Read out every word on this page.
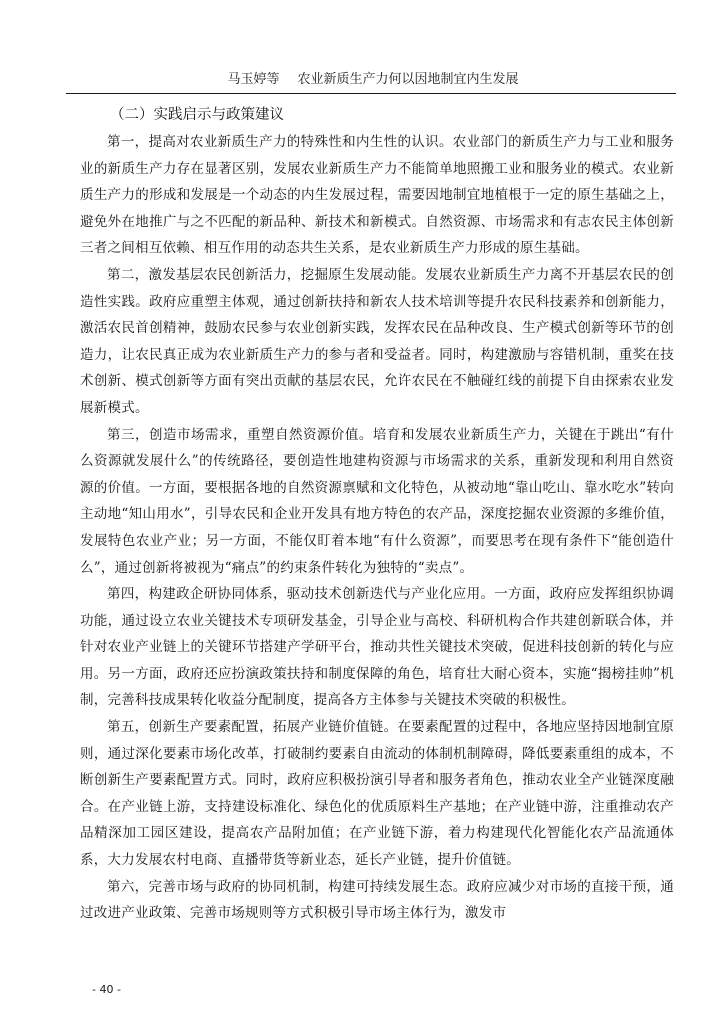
马玉婷等 农业新质生产力何以因地制宜内生发展
（二）实践启示与政策建议

第一，提高对农业新质生产力的特殊性和内生性的认识。农业部门的新质生产力与工业和服务业的新质生产力存在显著区别，发展农业新质生产力不能简单地照搬工业和服务业的模式。农业新质生产力的形成和发展是一个动态的内生发展过程，需要因地制宜地植根于一定的原生基础之上，避免外在地推广与之不匹配的新品种、新技术和新模式。自然资源、市场需求和有志农民主体创新三者之间相互依赖、相互作用的动态共生关系，是农业新质生产力形成的原生基础。

第二，激发基层农民创新活力，挖掘原生发展动能。发展农业新质生产力离不开基层农民的创造性实践。政府应重塑主体观，通过创新扶持和新农人技术培训等提升农民科技素养和创新能力，激活农民首创精神，鼓励农民参与农业创新实践，发挥农民在品种改良、生产模式创新等环节的创造力，让农民真正成为农业新质生产力的参与者和受益者。同时，构建激励与容错机制，重奖在技术创新、模式创新等方面有突出贡献的基层农民，允许农民在不触碰红线的前提下自由探索农业发展新模式。

第三，创造市场需求，重塑自然资源价值。培育和发展农业新质生产力，关键在于跳出“有什么资源就发展什么”的传统路径，要创造性地建构资源与市场需求的关系，重新发现和利用自然资源的价值。一方面，要根据各地的自然资源禀赋和文化特色，从被动地“靠山吃山、靠水吃水”转向主动地“知山用水”，引导农民和企业开发具有地方特色的农产品，深度挖掘农业资源的多维价值，发展特色农业产业；另一方面，不能仅盯着本地“有什么资源”，而要思考在现有条件下“能创造什么”，通过创新将被视为“痛点”的约束条件转化为独特的“卖点”。

第四，构建政企研协同体系，驱动技术创新迭代与产业化应用。一方面，政府应发挥组织协调功能，通过设立农业关键技术专项研发基金，引导企业与高校、科研机构合作共建创新联合体，并针对农业产业链上的关键环节搭建产学研平台，推动共性关键技术突破，促进科技创新的转化与应用。另一方面，政府还应扮演政策扶持和制度保障的角色，培育壮大耐心资本，实施“揭榜挂帅”机制，完善科技成果转化收益分配制度，提高各方主体参与关键技术突破的积极性。

第五，创新生产要素配置，拓展产业链价值链。在要素配置的过程中，各地应坚持因地制宜原则，通过深化要素市场化改革，打破制约要素自由流动的体制机制障碍，降低要素重组的成本，不断创新生产要素配置方式。同时，政府应积极扮演引导者和服务者角色，推动农业全产业链深度融合。在产业链上游，支持建设标准化、绿色化的优质原料生产基地；在产业链中游，注重推动农产品精深加工园区建设，提高农产品附加值；在产业链下游，着力构建现代化智能化农产品流通体系，大力发展农村电商、直播带货等新业态，延长产业链，提升价值链。

第六，完善市场与政府的协同机制，构建可持续发展生态。政府应减少对市场的直接干预，通过改进产业政策、完善市场规则等方式积极引导市场主体行为，激发市

- 40 -
